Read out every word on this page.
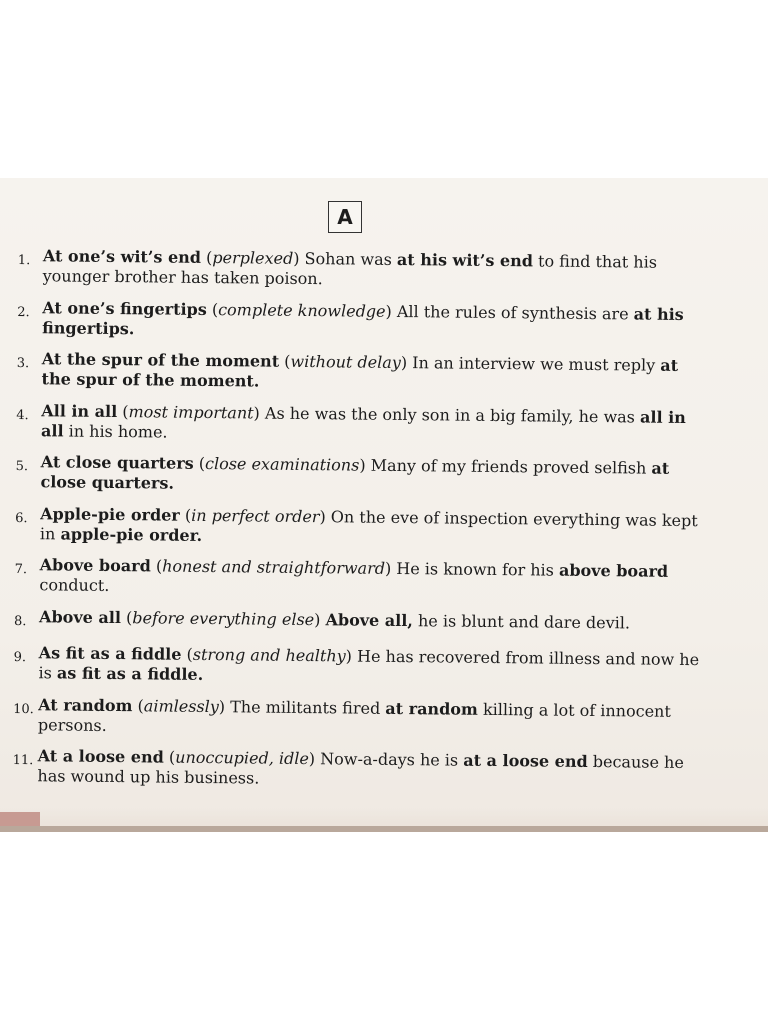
A
1. At one’s wit’s end (perplexed) Sohan was at his wit’s end to find that his younger brother has taken poison.
2. At one’s fingertips (complete knowledge) All the rules of synthesis are at his fingertips.
3. At the spur of the moment (without delay) In an interview we must reply at the spur of the moment.
4. All in all (most important) As he was the only son in a big family, he was all in all in his home.
5. At close quarters (close examinations) Many of my friends proved selfish at close quarters.
6. Apple-pie order (in perfect order) On the eve of inspection everything was kept in apple-pie order.
7. Above board (honest and straightforward) He is known for his above board conduct.
8. Above all (before everything else) Above all, he is blunt and dare devil.
9. As fit as a fiddle (strong and healthy) He has recovered from illness and now he is as fit as a fiddle.
10. At random (aimlessly) The militants fired at random killing a lot of innocent persons.
11. At a loose end (unoccupied, idle) Now-a-days he is at a loose end because he has wound up his business.
